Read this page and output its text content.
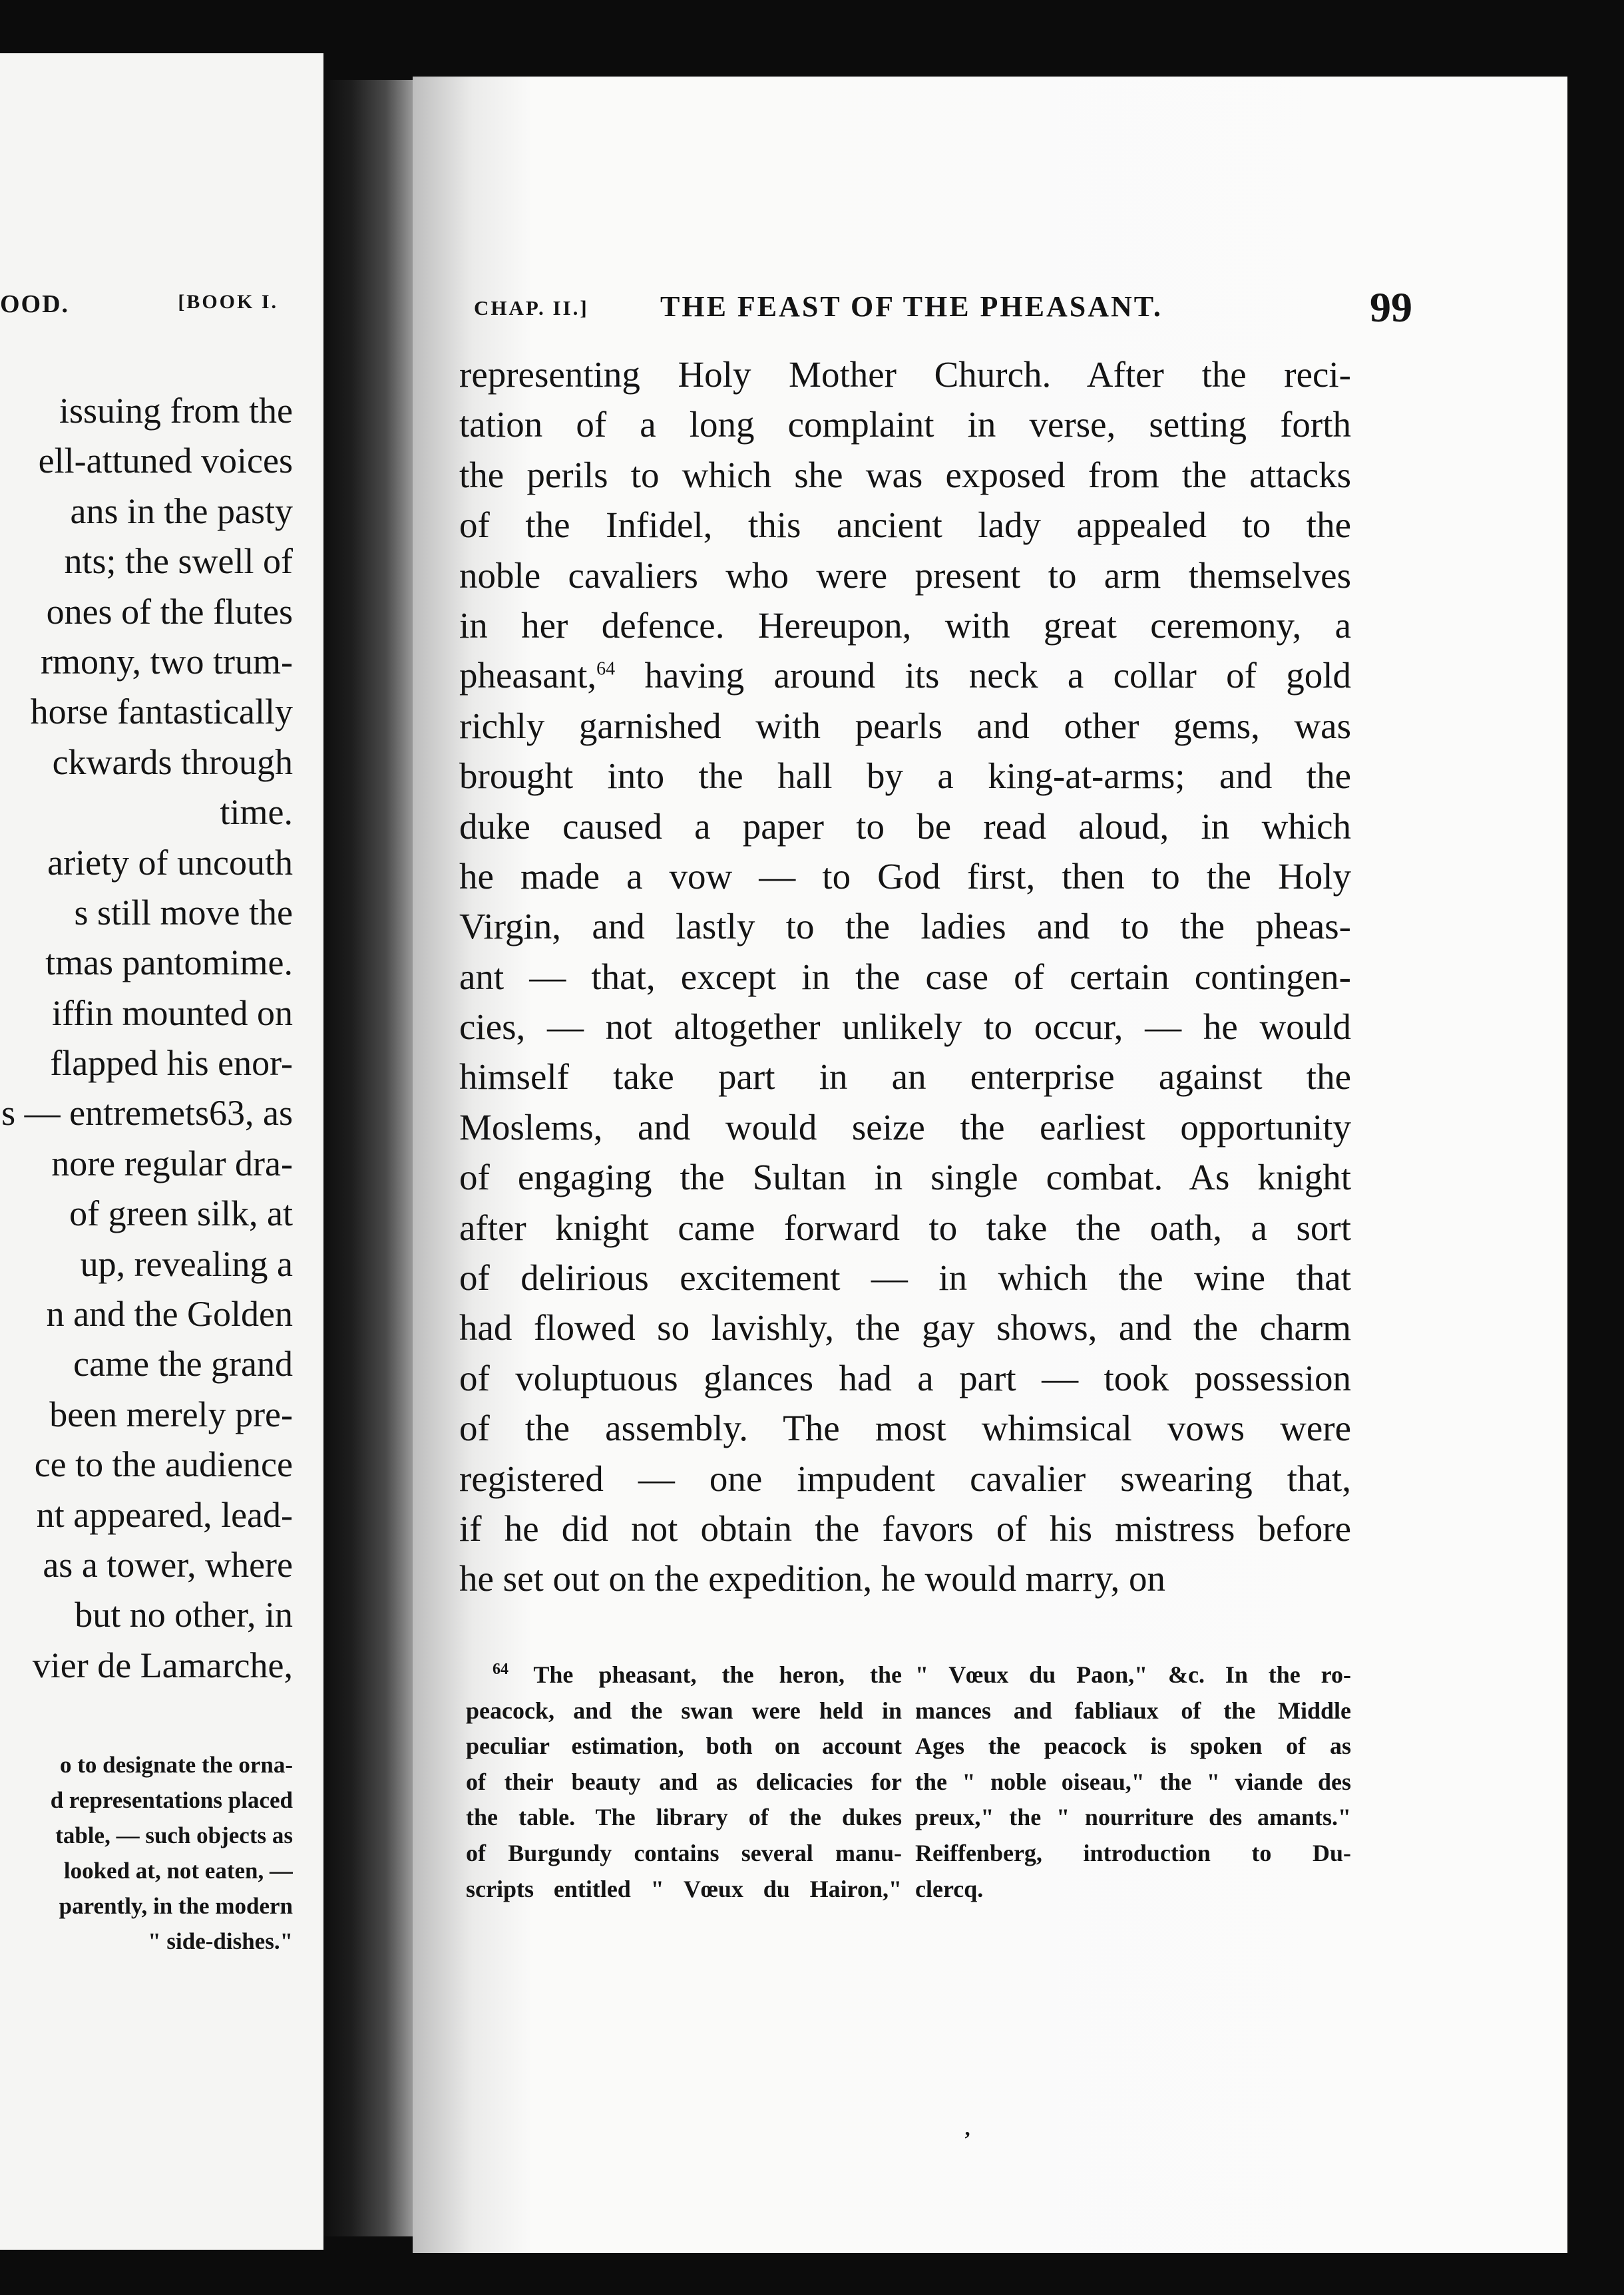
OOD.	[BOOK I.
issuing from the
ell-attuned voices
ans in the pasty
nts; the swell of
ones of the flutes
rmony, two trum-
horse fantastically
ckwards through
time.
ariety of uncouth
s still move the
tmas pantomime.
iffin mounted on
flapped his enor-
s — entremets63, as
nore regular dra-
of green silk, at
up, revealing a
n and the Golden
came the grand
been merely pre-
ce to the audience
nt appeared, lead-
as a tower, where
but no other, in
vier de Lamarche,
o to designate the orna-
d representations placed
table, — such objects as
looked at, not eaten, —
parently, in the modern
" side-dishes."
CHAP. II.] THE FEAST OF THE PHEASANT.	99
representing Holy Mother Church. After the reci-
tation of a long complaint in verse, setting forth
the perils to which she was exposed from the attacks
of the Infidel, this ancient lady appealed to the
noble cavaliers who were present to arm themselves
in her defence. Hereupon, with great ceremony, a
pheasant,$^{64}$ having around its neck a collar of gold
richly garnished with pearls and other gems, was
brought into the hall by a king-at-arms; and the
duke caused a paper to be read aloud, in which
he made a vow — to God first, then to the Holy
Virgin, and lastly to the ladies and to the pheas-
ant — that, except in the case of certain contingen-
cies, — not altogether unlikely to occur, — he would
himself take part in an enterprise against the
Moslems, and would seize the earliest opportunity
of engaging the Sultan in single combat. As knight
after knight came forward to take the oath, a sort
of delirious excitement — in which the wine that
had flowed so lavishly, the gay shows, and the charm
of voluptuous glances had a part — took possession
of the assembly. The most whimsical vows were
registered — one impudent cavalier swearing that,
if he did not obtain the favors of his mistress before
he set out on the expedition, he would marry, on
$^{64}$ The pheasant, the heron, the
peacock, and the swan were held in
peculiar estimation, both on account
of their beauty and as delicacies for
the table. The library of the dukes
of Burgundy contains several manu-
scripts entitled " Vœux du Hairon,"
" Vœux du Paon," &c. In the ro-
mances and fabliaux of the Middle
Ages the peacock is spoken of as
the " noble oiseau," the " viande des
preux," the " nourriture des amants."
Reiffenberg, introduction to Du-
clercq.
’
